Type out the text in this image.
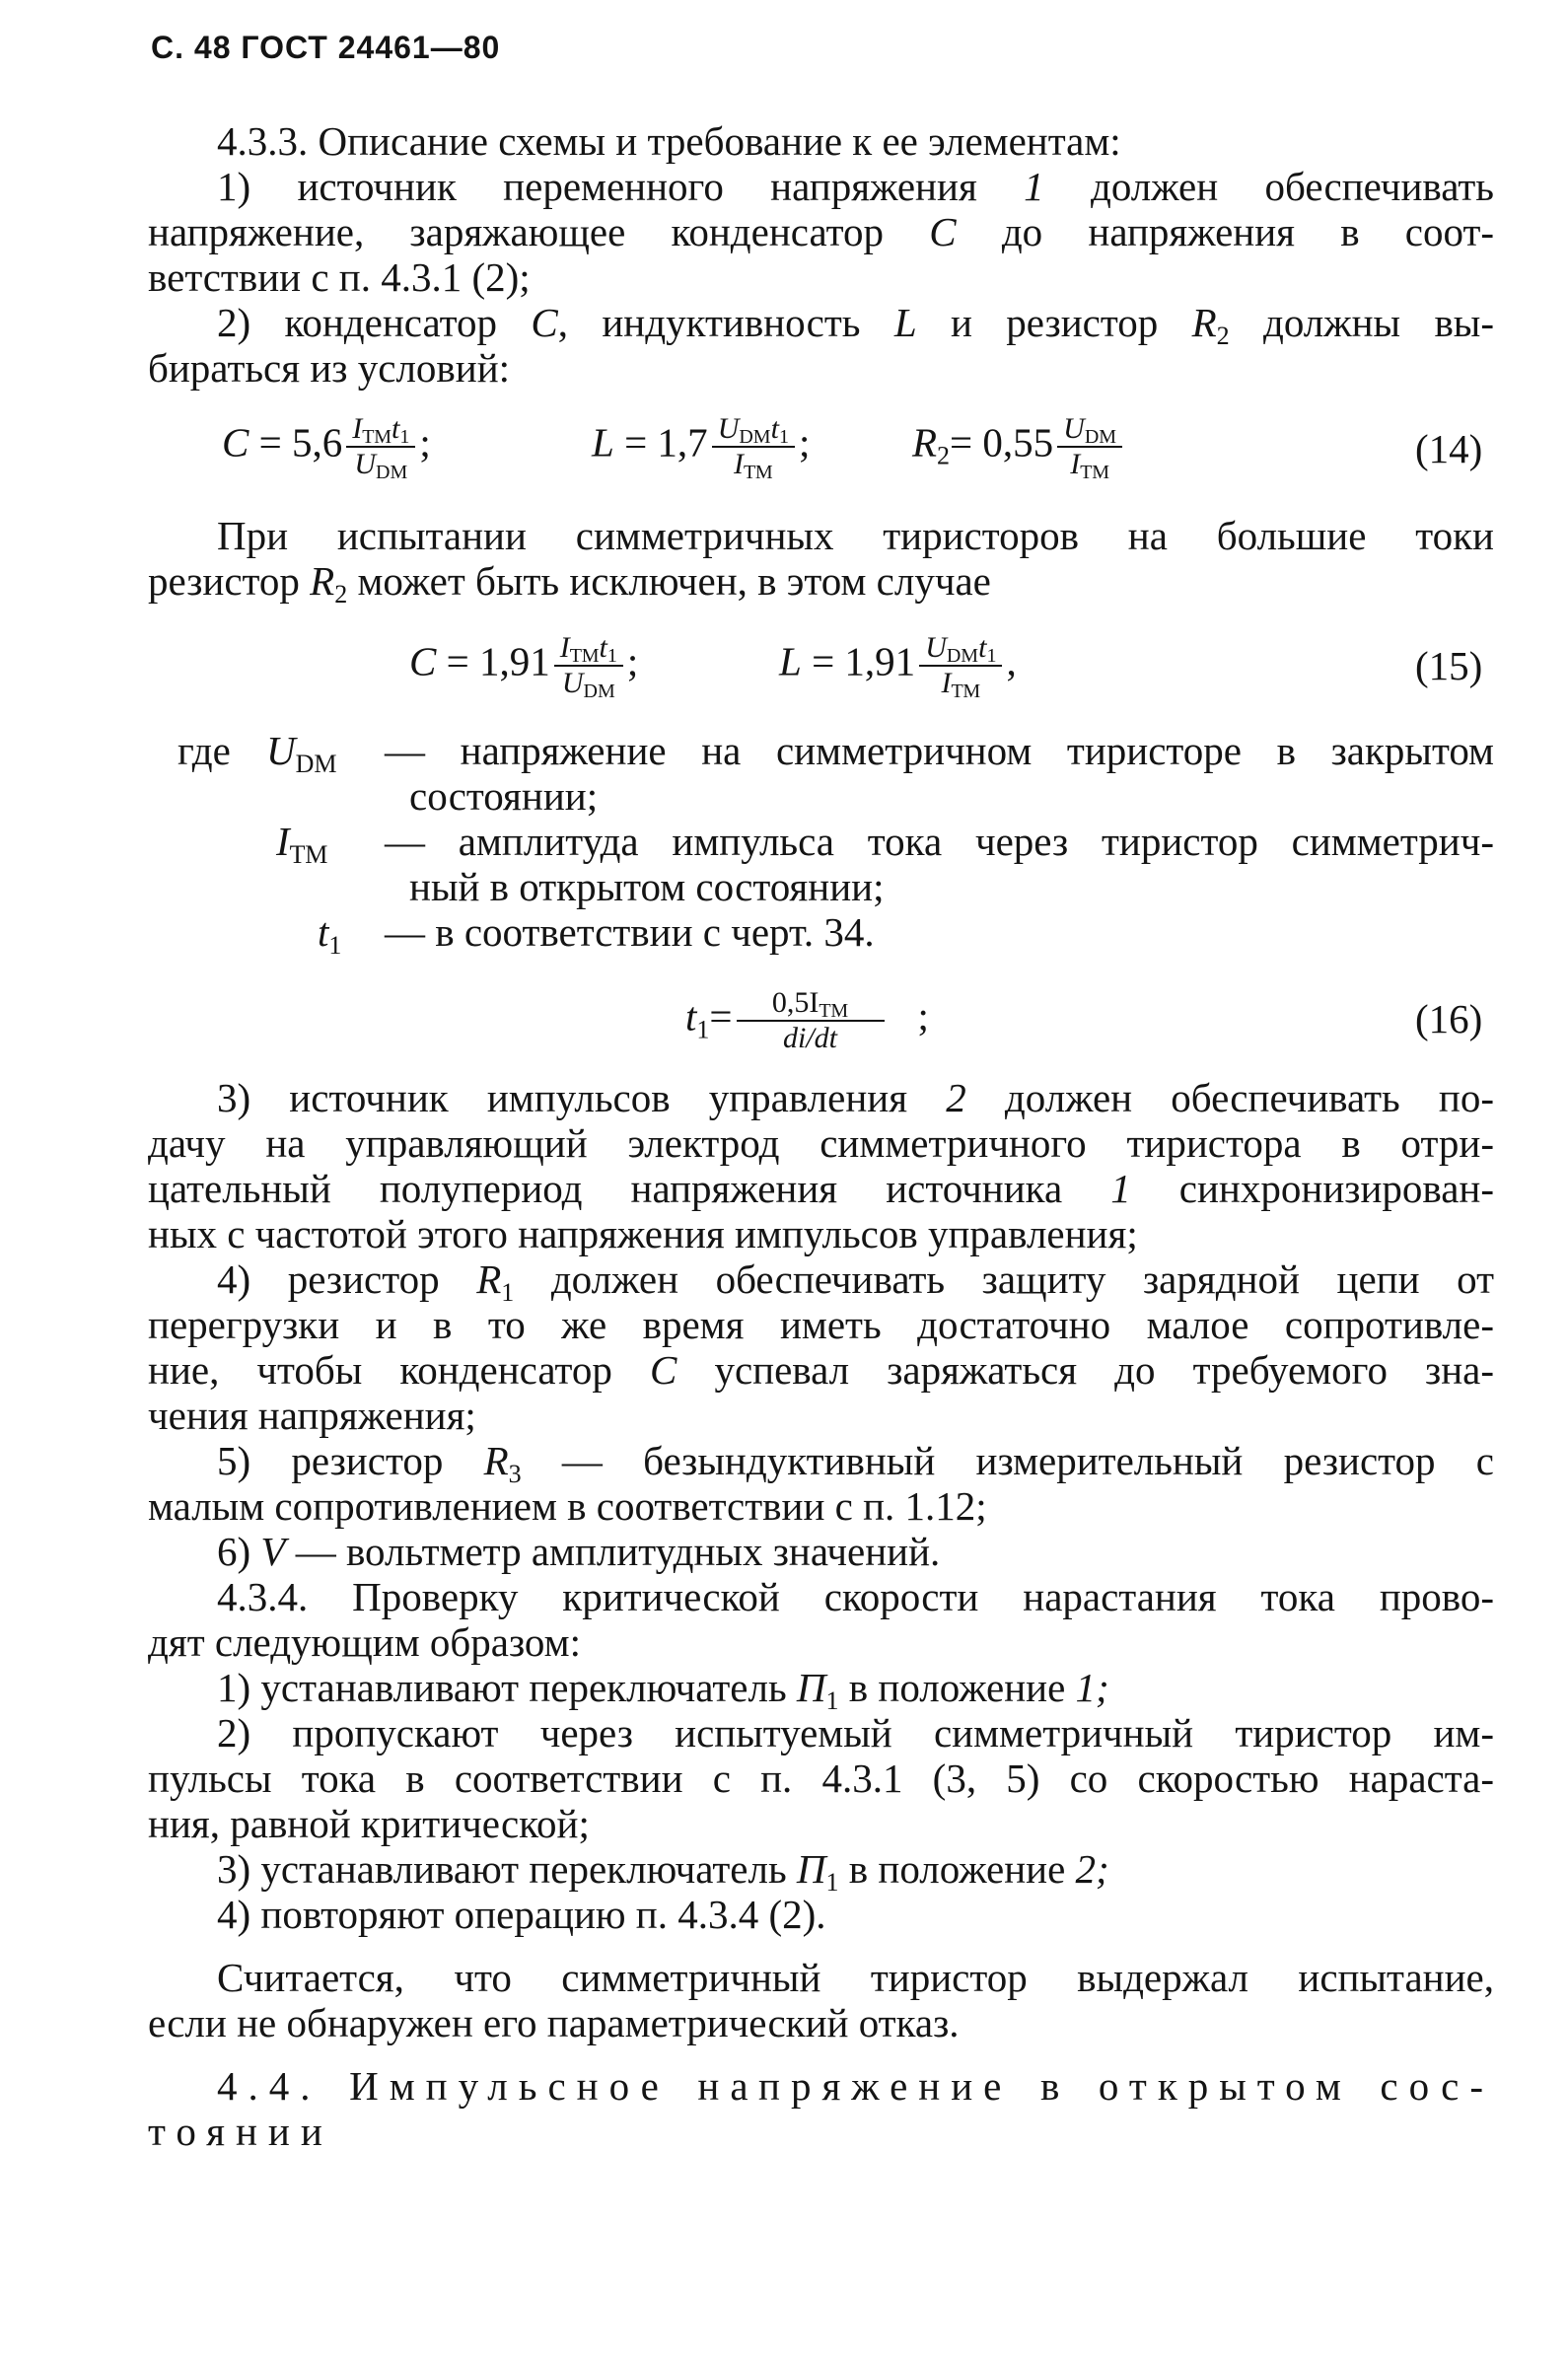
С. 48 ГОСТ 24461—80
4.3.3. Описание схемы и требование к ее элементам:
1) источник переменного напряжения 1 должен обеспечивать
напряжение, заряжающее конденсатор C до напряжения в соот-
ветствии с п. 4.3.1 (2);
2) конденсатор C, индуктивность L и резистор $R_2$ должны вы-
бираться из условий:
$C = 5,6 \frac{I_{ТМ}t_1}{U_{DM}}$ ;	$L = 1,7 \frac{U_{DM}t_1}{I_{ТМ}}$ ;	$R_2= 0,55 \frac{U_{DM}}{I_{ТМ}}$	(14)
При испытании симметричных тиристоров на большие токи
резистор $R_2$ может быть исключен, в этом случае
$C = 1,91 \frac{I_{ТМ}t_1}{U_{DM}}$ ;	$L = 1,91 \frac{U_{DM}t_1}{I_{ТМ}}$ ,	(15)
где $U_{DM}$ — напряжение на симметричном тиристоре в закрытом
состоянии;
$I_{ТМ}$ — амплитуда импульса тока через тиристор симметрич-
ный в открытом состоянии;
$t_1$ — в соответствии с черт. 34.
$t_1= \frac{0,5I_{ТМ}}{di/dt}$ ;	(16)
3) источник импульсов управления 2 должен обеспечивать по-
дачу на управляющий электрод симметричного тиристора в отри-
цательный полупериод напряжения источника 1 синхронизирован-
ных с частотой этого напряжения импульсов управления;
4) резистор $R_1$ должен обеспечивать защиту зарядной цепи от
перегрузки и в то же время иметь достаточно малое сопротивле-
ние, чтобы конденсатор C успевал заряжаться до требуемого зна-
чения напряжения;
5) резистор $R_3$ — безындуктивный измерительный резистор с
малым сопротивлением в соответствии с п. 1.12;
6) V — вольтметр амплитудных значений.
4.3.4. Проверку критической скорости нарастания тока прово-
дят следующим образом:
1) устанавливают переключатель $П_1$ в положение 1;
2) пропускают через испытуемый симметричный тиристор им-
пульсы тока в соответствии с п. 4.3.1 (3, 5) со скоростью нараста-
ния, равной критической;
3) устанавливают переключатель $П_1$ в положение 2;
4) повторяют операцию п. 4.3.4 (2).
Считается, что симметричный тиристор выдержал испытание,
если не обнаружен его параметрический отказ.
4.4. Импульсное напряжение в открытом сос-
тоянии
